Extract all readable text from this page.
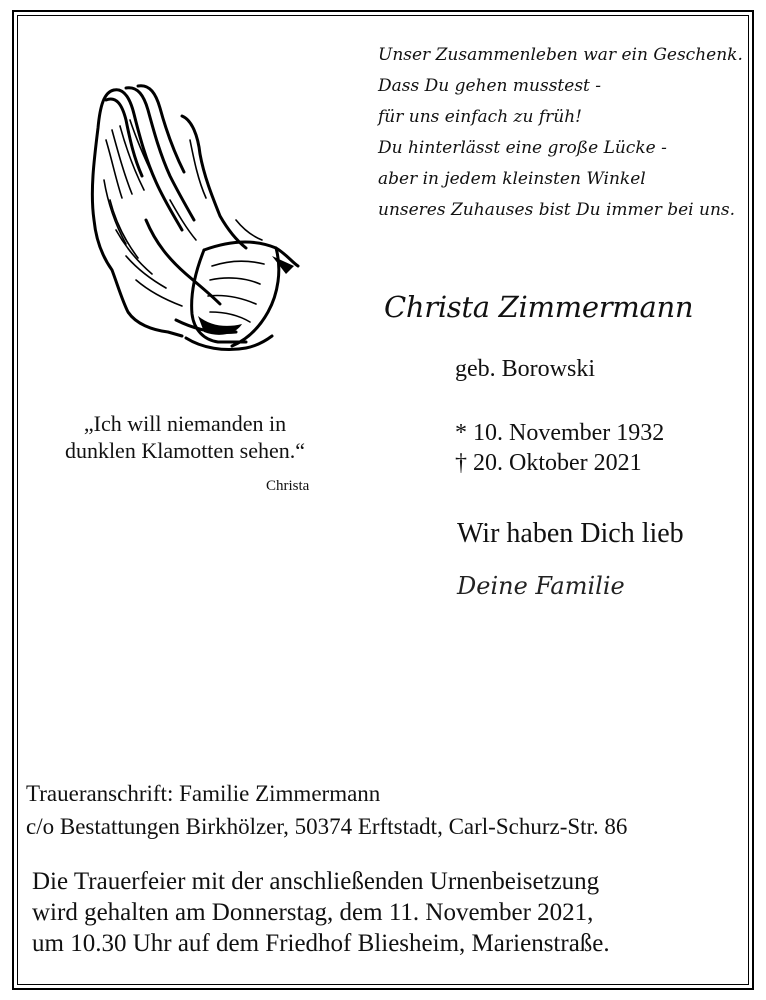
Unser Zusammenleben war ein Geschenk.
Dass Du gehen musstest -
für uns einfach zu früh!
Du hinterlässt eine große Lücke -
aber in jedem kleinsten Winkel
unseres Zuhauses bist Du immer bei uns.
Christa Zimmermann
geb. Borowski
* 10. November 1932
† 20. Oktober 2021
„Ich will niemanden in
dunklen Klamotten sehen.“
Christa
Wir haben Dich lieb
Deine Familie
Traueranschrift: Familie Zimmermann
c/o Bestattungen Birkhölzer, 50374 Erftstadt, Carl-Schurz-Str. 86
Die Trauerfeier mit der anschließenden Urnenbeisetzung
wird gehalten am Donnerstag, dem 11. November 2021,
um 10.30 Uhr auf dem Friedhof Bliesheim, Marienstraße.
